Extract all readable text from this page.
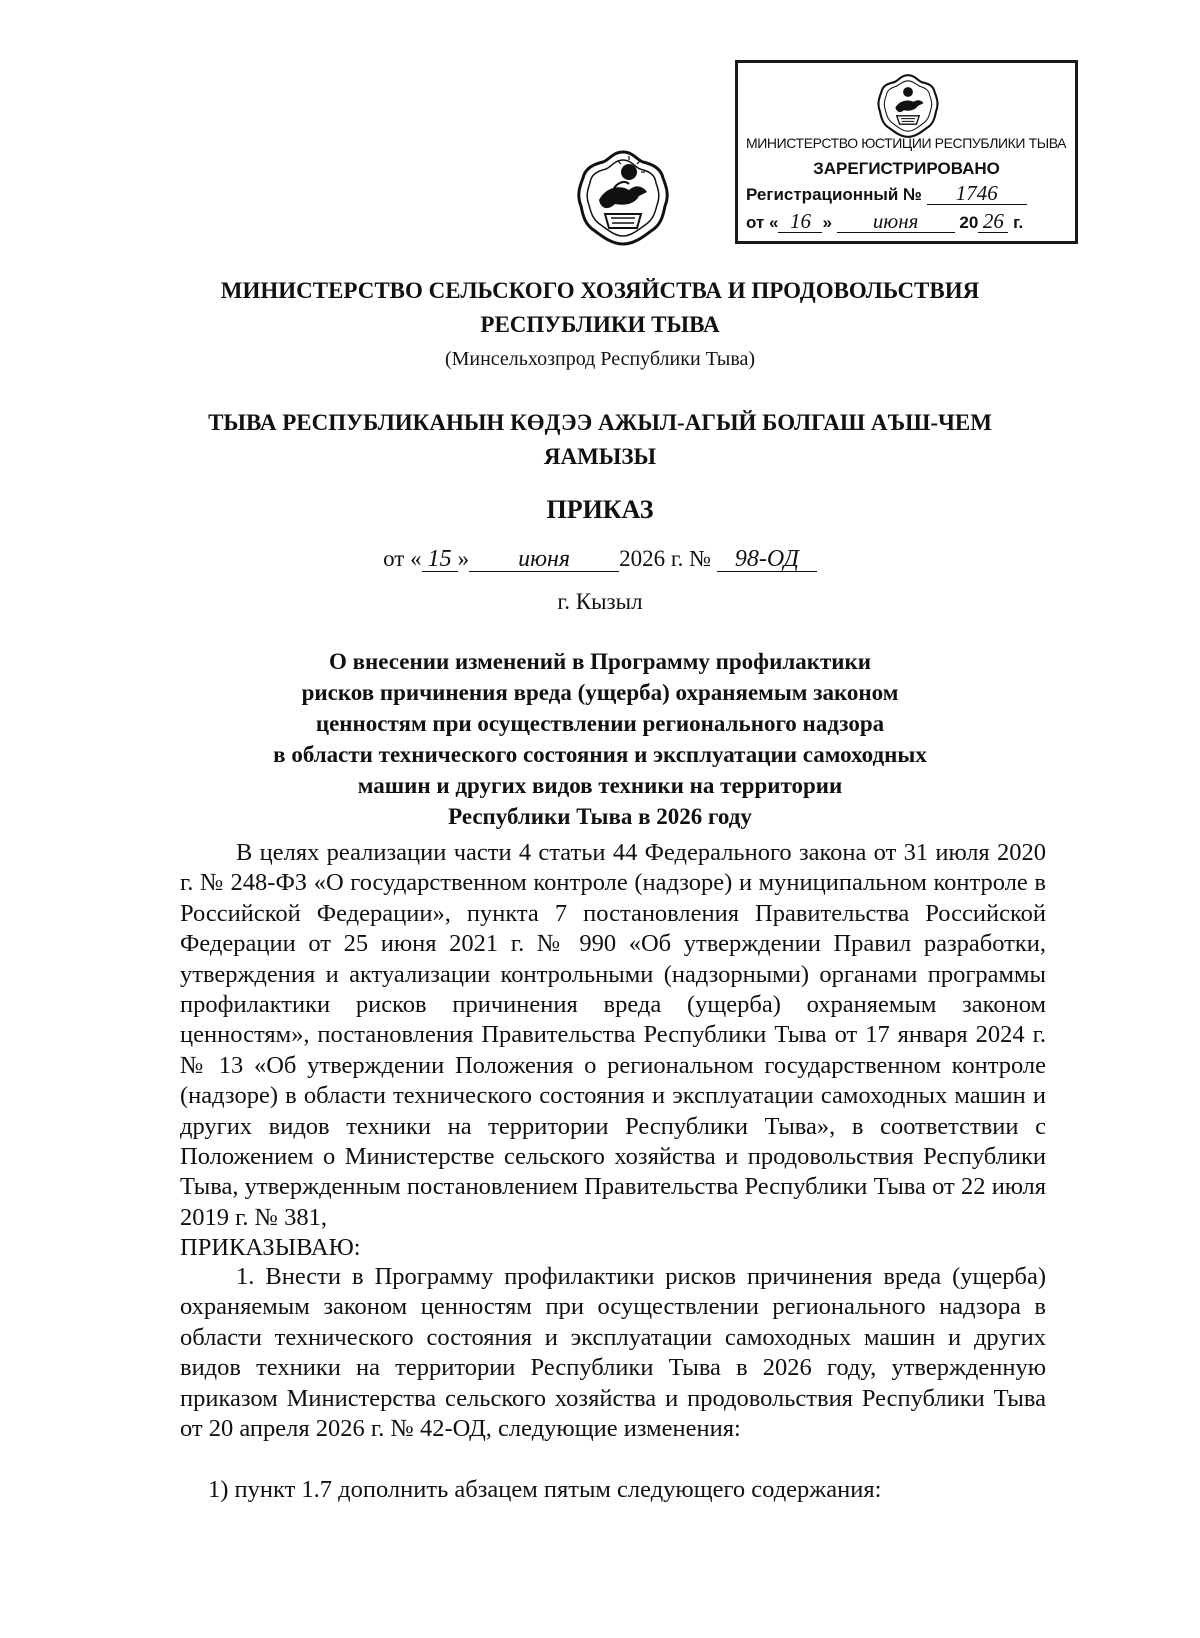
МИНИСТЕРСТВО ЮСТИЦИИ РЕСПУБЛИКИ ТЫВА
ЗАРЕГИСТРИРОВАНО
Регистрационный № 1746
от « 16 » июня 20 26 г.
МИНИСТЕРСТВО СЕЛЬСКОГО ХОЗЯЙСТВА И ПРОДОВОЛЬСТВИЯ
РЕСПУБЛИКИ ТЫВА
(Минсельхозпрод Республики Тыва)
ТЫВА РЕСПУБЛИКАНЫН КӨДЭЭ АЖЫЛ-АГЫЙ БОЛГАШ АЪШ-ЧЕМ
ЯАМЫЗЫ
ПРИКАЗ
от « 15 » июня 2026 г. № 98-ОД
г. Кызыл
О внесении изменений в Программу профилактики
рисков причинения вреда (ущерба) охраняемым законом
ценностям при осуществлении регионального надзора
в области технического состояния и эксплуатации самоходных
машин и других видов техники на территории
Республики Тыва в 2026 году

В целях реализации части 4 статьи 44 Федерального закона от 31 июля 2020 г. № 248-ФЗ «О государственном контроле (надзоре) и муниципальном контроле в Российской Федерации», пункта 7 постановления Правительства Российской Федерации от 25 июня 2021 г. № 990 «Об утверждении Правил разработки, утверждения и актуализации контрольными (надзорными) органами программы профилактики рисков причинения вреда (ущерба) охраняемым законом ценностям», постановления Правительства Республики Тыва от 17 января 2024 г. № 13 «Об утверждении Положения о региональном государственном контроле (надзоре) в области технического состояния и эксплуатации самоходных машин и других видов техники на территории Республики Тыва», в соответствии с Положением о Министерстве сельского хозяйства и продовольствия Республики Тыва, утвержденным постановлением Правительства Республики Тыва от 22 июля 2019 г. № 381,

ПРИКАЗЫВАЮ:

1. Внести в Программу профилактики рисков причинения вреда (ущерба) охраняемым законом ценностям при осуществлении регионального надзора в области технического состояния и эксплуатации самоходных машин и других видов техники на территории Республики Тыва в 2026 году, утвержденную приказом Министерства сельского хозяйства и продовольствия Республики Тыва от 20 апреля 2026 г. № 42-ОД, следующие изменения:

1) пункт 1.7 дополнить абзацем пятым следующего содержания:
